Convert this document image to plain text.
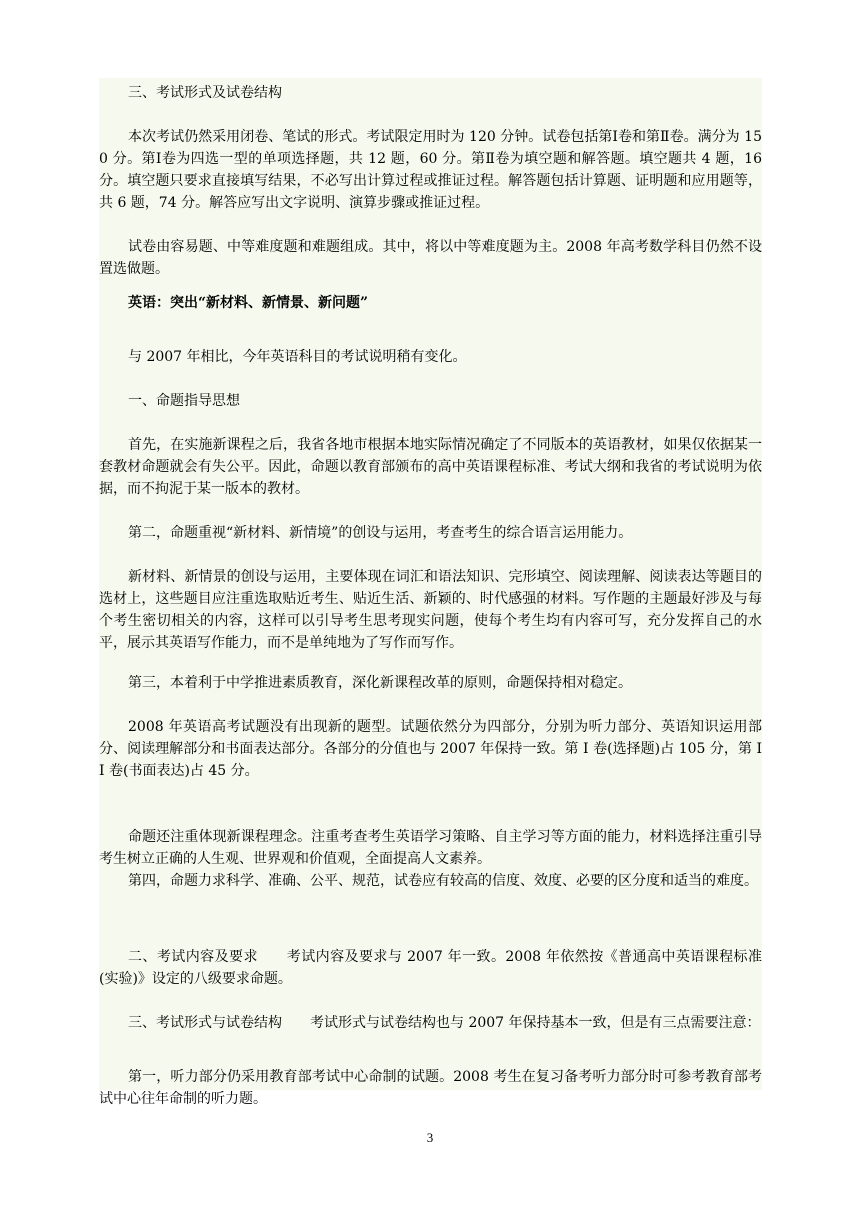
三、考试形式及试卷结构

本次考试仍然采用闭卷、笔试的形式。考试限定用时为 120 分钟。试卷包括第Ⅰ卷和第Ⅱ卷。满分为 150 分。第Ⅰ卷为四选一型的单项选择题，共 12 题，60 分。第Ⅱ卷为填空题和解答题。填空题共 4 题，16 分。填空题只要求直接填写结果，不必写出计算过程或推证过程。解答题包括计算题、证明题和应用题等，共 6 题，74 分。解答应写出文字说明、演算步骤或推证过程。

试卷由容易题、中等难度题和难题组成。其中，将以中等难度题为主。2008 年高考数学科目仍然不设置选做题。

英语：突出“新材料、新情景、新问题”

与 2007 年相比，今年英语科目的考试说明稍有变化。

一、命题指导思想

首先，在实施新课程之后，我省各地市根据本地实际情况确定了不同版本的英语教材，如果仅依据某一套教材命题就会有失公平。因此，命题以教育部颁布的高中英语课程标准、考试大纲和我省的考试说明为依据，而不拘泥于某一版本的教材。

第二，命题重视“新材料、新情境”的创设与运用，考查考生的综合语言运用能力。

新材料、新情景的创设与运用，主要体现在词汇和语法知识、完形填空、阅读理解、阅读表达等题目的选材上，这些题目应注重选取贴近考生、贴近生活、新颖的、时代感强的材料。写作题的主题最好涉及与每个考生密切相关的内容，这样可以引导考生思考现实问题，使每个考生均有内容可写，充分发挥自己的水平，展示其英语写作能力，而不是单纯地为了写作而写作。

第三，本着利于中学推进素质教育，深化新课程改革的原则，命题保持相对稳定。

2008 年英语高考试题没有出现新的题型。试题依然分为四部分，分别为听力部分、英语知识运用部分、阅读理解部分和书面表达部分。各部分的分值也与 2007 年保持一致。第 I 卷(选择题)占 105 分，第 II 卷(书面表达)占 45 分。

命题还注重体现新课程理念。注重考查考生英语学习策略、自主学习等方面的能力，材料选择注重引导考生树立正确的人生观、世界观和价值观，全面提高人文素养。

第四，命题力求科学、准确、公平、规范，试卷应有较高的信度、效度、必要的区分度和适当的难度。

二、考试内容及要求　　考试内容及要求与 2007 年一致。2008 年依然按《普通高中英语课程标准(实验)》设定的八级要求命题。

三、考试形式与试卷结构　　考试形式与试卷结构也与 2007 年保持基本一致，但是有三点需要注意：

第一，听力部分仍采用教育部考试中心命制的试题。2008 考生在复习备考听力部分时可参考教育部考试中心往年命制的听力题。

3
